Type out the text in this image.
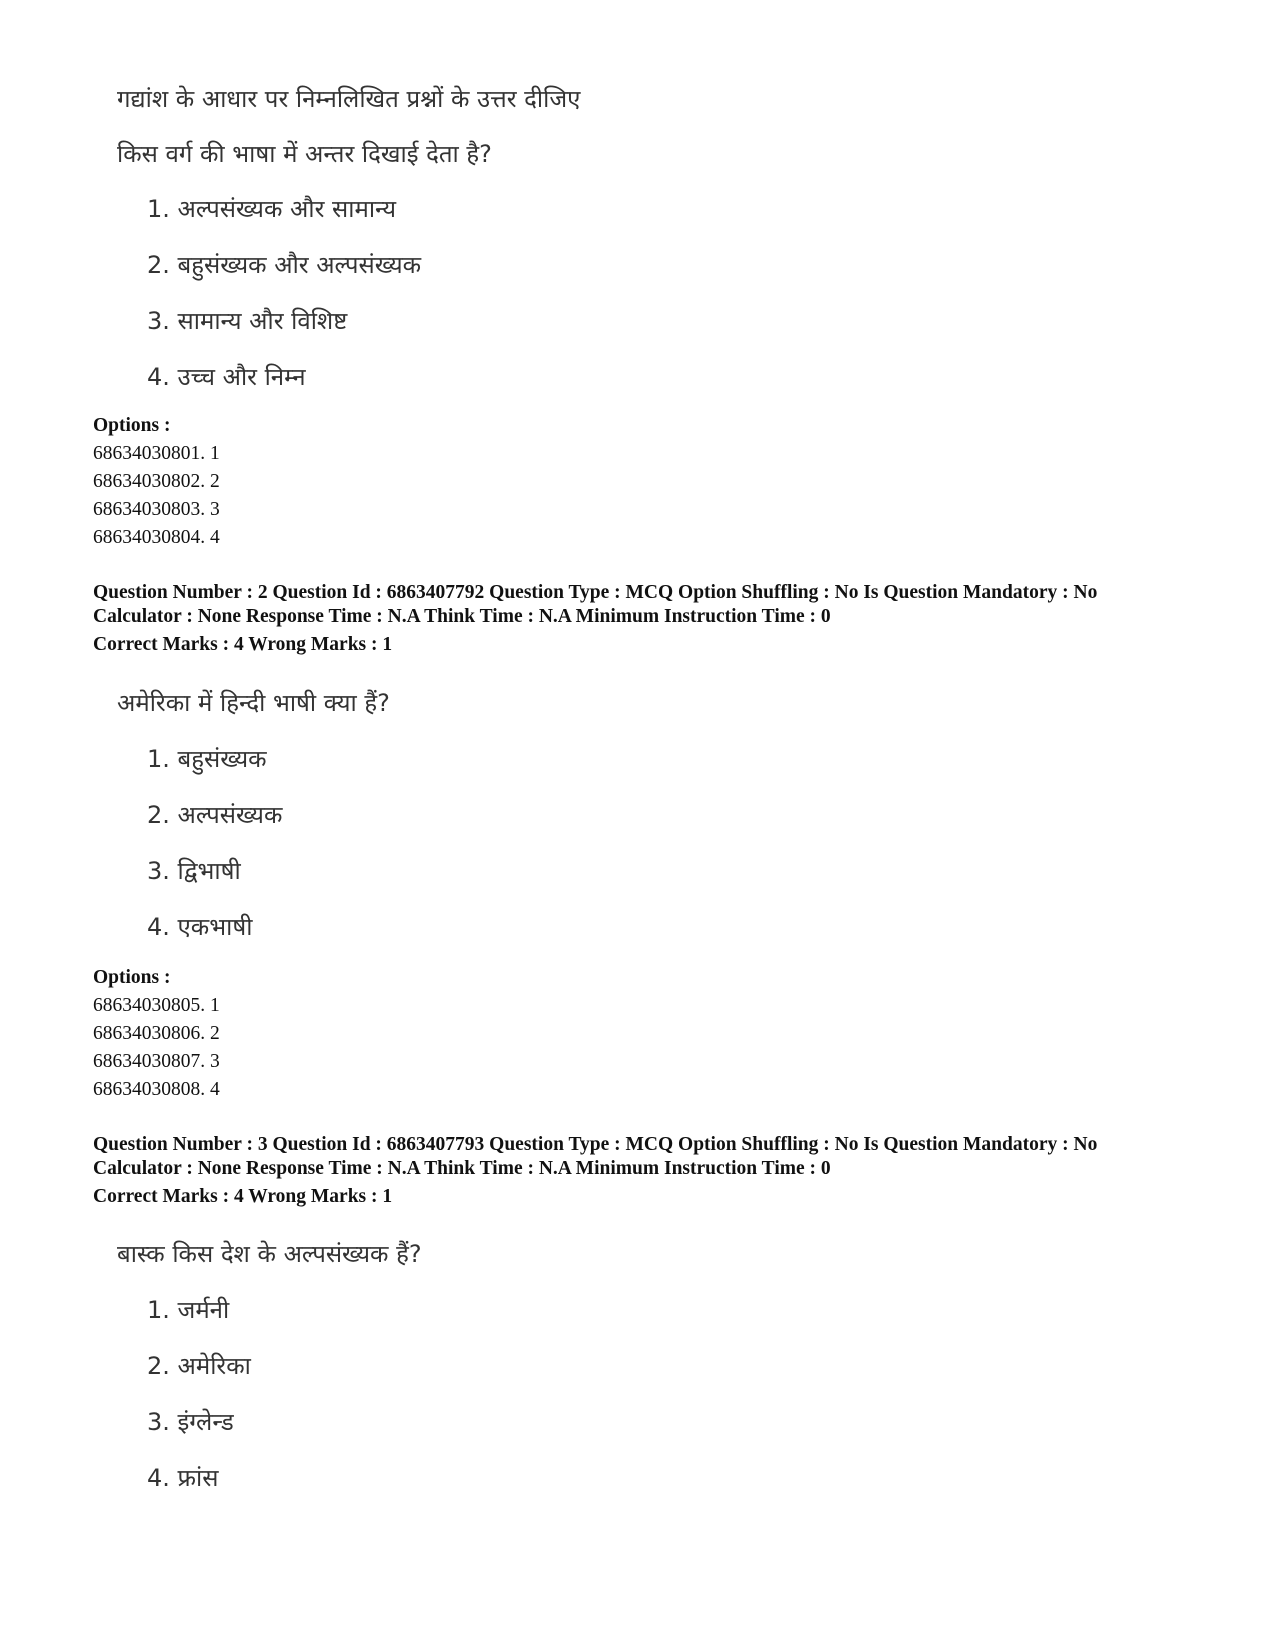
गद्यांश के आधार पर निम्नलिखित प्रश्नों के उत्तर दीजिए
किस वर्ग की भाषा में अन्तर दिखाई देता है?
1. अल्पसंख्यक और सामान्य
2. बहुसंख्यक और अल्पसंख्यक
3. सामान्य और विशिष्ट
4. उच्च और निम्न
Options :
68634030801. 1
68634030802. 2
68634030803. 3
68634030804. 4
Question Number : 2 Question Id : 6863407792 Question Type : MCQ Option Shuffling : No Is Question Mandatory : No
Calculator : None Response Time : N.A Think Time : N.A Minimum Instruction Time : 0
Correct Marks : 4 Wrong Marks : 1
अमेरिका में हिन्दी भाषी क्या हैं?
1. बहुसंख्यक
2. अल्पसंख्यक
3. द्विभाषी
4. एकभाषी
Options :
68634030805. 1
68634030806. 2
68634030807. 3
68634030808. 4
Question Number : 3 Question Id : 6863407793 Question Type : MCQ Option Shuffling : No Is Question Mandatory : No
Calculator : None Response Time : N.A Think Time : N.A Minimum Instruction Time : 0
Correct Marks : 4 Wrong Marks : 1
बास्क किस देश के अल्पसंख्यक हैं?
1. जर्मनी
2. अमेरिका
3. इंग्लेन्ड
4. फ्रांस
